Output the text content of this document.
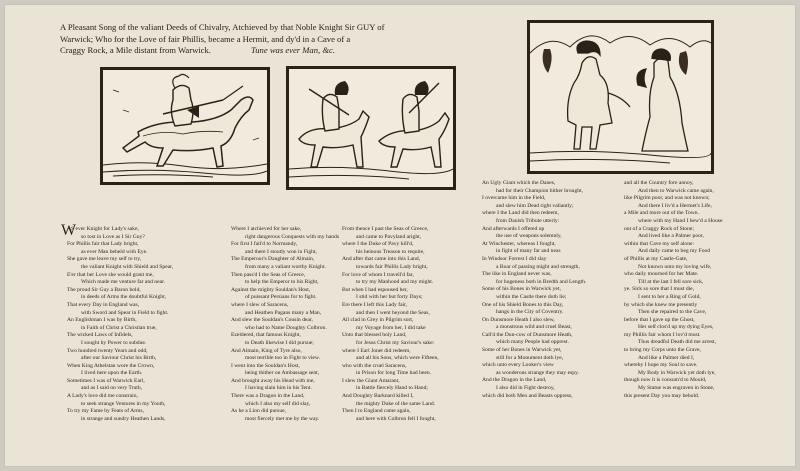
A Pleasant Song of the valiant Deeds of Chivalry, Atchieved by that Noble Knight Sir GUY of
Warwick; Who for the Love of fair Phillis, became a Hermit, and dy'd in a Cave of a
Craggy Rock, a Mile distant from Warwick.	Tune was ever Man, &c.
W
AS ever Knight for Lady's sake,
so tost in Love as I Sir Guy?
For Phillis fair that Lady bright,
as ever Man beheld with Eye.
She gave me leave my self to try,
the valiant Knight with Shield and Spear,
E'er that her Love she would grant me,
Which made me venture far and near.
The proud Sir Guy a Baron bold,
in deeds of Arms the doubtful Knight,
That every Day in England was,
with Sword and Spear in Field to fight.
An Englishman I was by Birth,
in Faith of Christ a Christian true,
The wicked Laws of Infidels,
I sought by Power to subdue.
Two hundred twenty Years and odd,
after our Saviour Christ his Birth,
When King Athelstan wore the Crown,
I lived here upon the Earth.
Sometimes I was of Warwick Earl,
and as I said on very Truth,
A Lady's love did me constrain,
to seek strange Ventures in my Youth,
To try my Fame by Feats of Arms,
in strange and sundry Heathen Lands,
Where I atchieved for her sake,
right dangerous Conquests with my hands
For first I fail'd to Normandy,
and there I stoutly won in Fight,
The Emperour's Daughter of Almain,
from many a valiant worthy Knight.
Then pass'd I the Seas of Greece,
to help the Emperor to his Right,
Against the mighty Souldan's Host,
of puissant Persians for to fight.
where I slew of Saracens,
and Heathen Pagans many a Man,
And slew the Souldan's Cousin dear,
who had to Name Doughty Colbron.
Ezeldered, that famous Knight,
to Death likewise I did pursue;
And Almain, King of Tyre also,
most terrible too in Fight to view.
I went into the Souldan's Host,
being thither on Ambassage sent,
And brought away his Head with me,
I having slain him in his Tent.
There was a Dragon in the Land,
which I also my self did slay,
As he a Lion did pursue,
most fiercely met me by the way.
From thence I past the Seas of Greece,
and came to Pavyland aright,
where I the Duke of Pavy kill'd,
his heinous Treason to requite,
And after that came into this Land,
towards fair Phillis Lady bright,
For love of whom I travell'd far,
to try my Manhood and my might.
But when I had espoused her,
I stid with her but forty Days;
Ere there I left this Lady fair,
and then I went beyond the Seas,
All clad in Grey in Pilgrim sort,
my Voyage from her, I did take
Unto that blessed holy Land,
for Jesus Christ my Saviour's sake:
where I Earl Jonet did redeem,
and all his Sons, which were Fifteen,
who with the cruel Saracens,
in Prison for long Time had been.
I slew the Giant Amarant,
in Battle fiercely Hand to Hand;
And Doughty Barknard killed I,
the mighty Duke of the same Land.
Then I to England came again,
and here with Colbron fell I fought,
An Ugly Giant which the Danes,
had for their Champion hither brought,
I overcame him in the Field,
and slew him Dead right valiantly;
where I the Land did then redeem,
from Danish Tribute utterly:
And afterwards I offered up
the use of weapons solemnly,
At Winchester, whereas I fought,
in fight of many far and near.
In Windsor Forrest I did slay
a Boar of passing might and strength,
The like in England never was,
for hugeness both in Bredth and Length.
Some of his Bones in Warwick yet,
within the Castle there doth lie;
One of his Shield Bones to this Day,
hangs in the City of Coventry.
On Dunsmore Heath I also slew,
a monstrous wild and cruel Beast,
Call'd the Dun-cow of Dunsmore Heath,
which many People had opprest.
Some of her Bones in Warwick yet,
still for a Monument doth lye,
which unto every Looker's view
as wonderous strange they may espy.
And the Dragon in the Land,
I also did in Fight destroy,
which did both Men and Beasts oppress,
and all the Country fore annoy,
And then to Warwick came again,
like Pilgrim poor, and was not known;
And there I liv'd a Hermet's Life,
a Mile and more out of the Town.
where with my Hand I hew'd a House
out of a Craggy Rock of Stone;
And lived like a Palmer poor,
within that Cave my self alone:
And daily came to beg my Food
of Phillis at my Castle-Gate,
Not known unto my loving wife,
who daily mourned for her Mate.
Till at the last I fell sore sick,
ye. Sick so sore that I must die,
I sent to her a Ring of Gold,
by which she knew me presently
Then she repaired to the Cave,
before that I gave up the Ghost,
Her self clos'd up my dying Eyes,
my Phillis fair whom I lov'd most.
Thus dreadful Death did me arrest,
to bring my Corps unto the Grave,
And like a Palmer died I,
whereby I hope my Soul to save.
My Body in Warwick yet doth lye,
though now it is consum'd to Mould,
My Statue was engraven in Stone,
this present Day you may behold.
